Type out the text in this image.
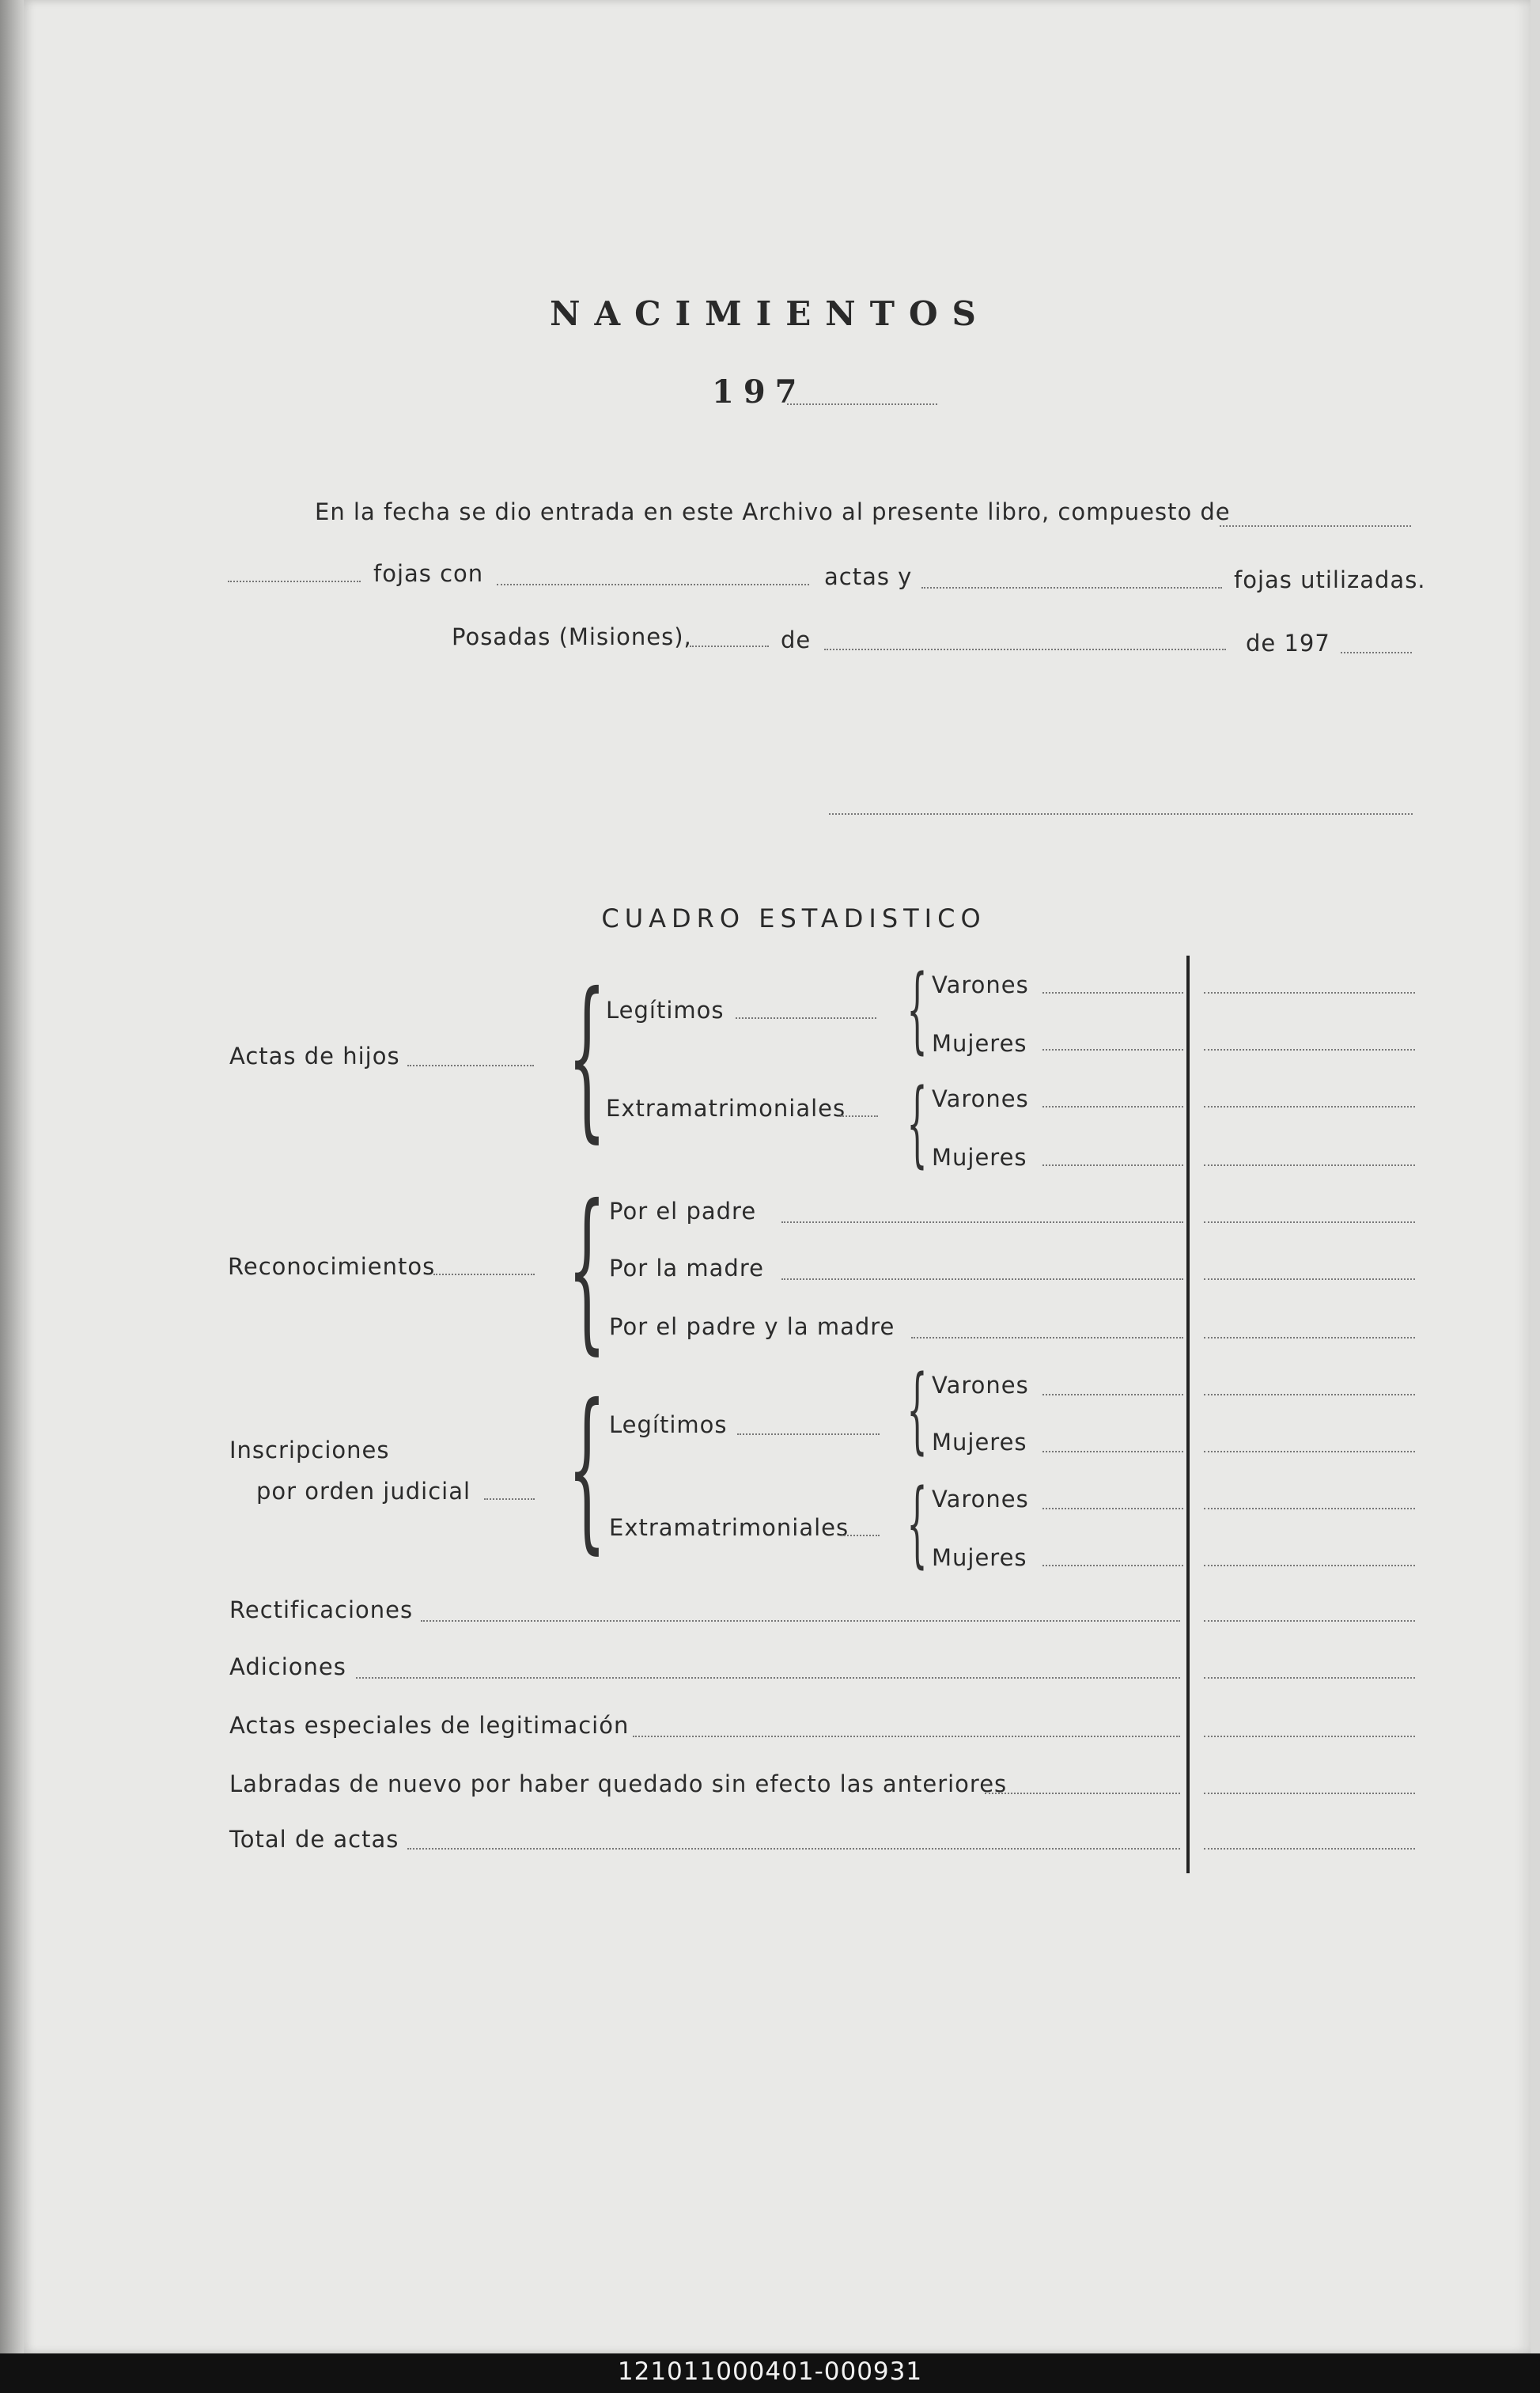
NACIMIENTOS
197
En la fecha se dio entrada en este Archivo al presente libro, compuesto de
fojas con	actas y	fojas utilizadas.
Posadas (Misiones),	de	de 197
CUADRO ESTADISTICO
Actas de hijos { Legítimos { Varones
Mujeres
Extramatrimoniales { Varones
Mujeres
Reconocimientos { Por el padre
Por la madre
Por el padre y la madre
Inscripciones
por orden judicial { Legítimos { Varones
Mujeres
Extramatrimoniales { Varones
Mujeres
Rectificaciones
Adiciones
Actas especiales de legitimación
Labradas de nuevo por haber quedado sin efecto las anteriores
Total de actas
121011000401-000931
